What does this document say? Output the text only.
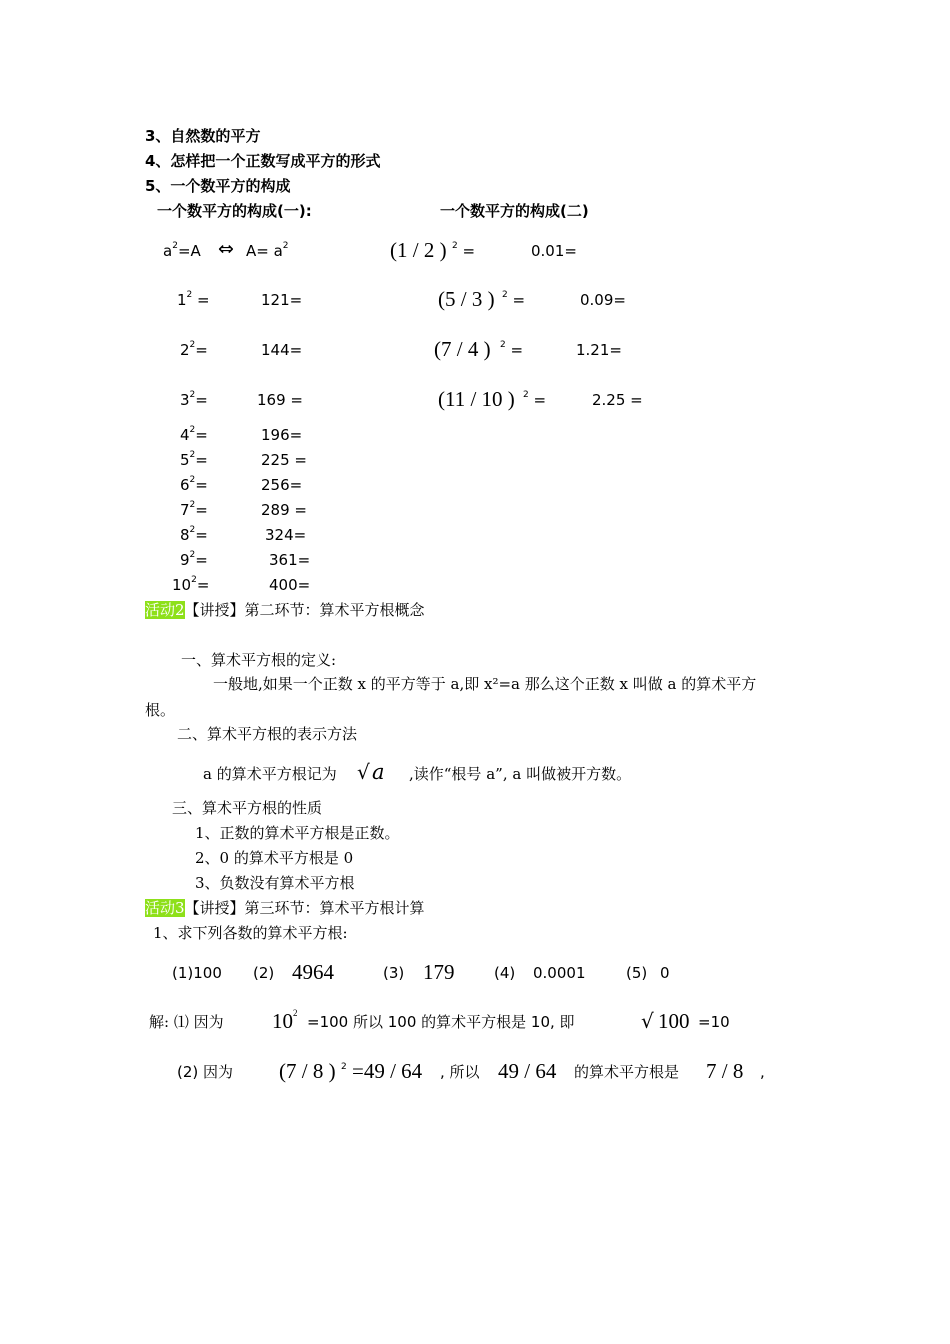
3、自然数的平方
4、怎样把一个正数写成平方的形式
5、一个数平方的构成
一个数平方的构成(一):	一个数平方的构成(二)
$a^2=A$ ⇔ $A= a^2$
$1^2$ =	121=
$2^2=$	144=
$3^2=$	169 =
$4^2=$	196=
$5^2=$	225 =
$6^2=$	256=
$7^2=$	289 =
$8^2=$	324=
$9^2=$	361=
$10^2=$	400=
(1 / 2 ) $^2$ =	0.01=
(5 / 3 ) $^2$ =	0.09=
(7 / 4 ) $^2$ =	1.21=
(11 / 10 ) $^2$ =	2.25 =
活动2【讲授】第二环节：算术平方根概念
一、算术平方根的定义:
一般地,如果一个正数 x 的平方等于 a,即 x²=a 那么这个正数 x 叫做 a 的算术平方
根。
二、算术平方根的表示方法
a 的算术平方根记为 √ a ,读作“根号 a”, a 叫做被开方数。
三、算术平方根的性质
1、正数的算术平方根是正数。
2、0 的算术平方根是 0
3、负数没有算术平方根
活动3【讲授】第三环节：算术平方根计算
1、求下列各数的算术平方根:
(1)100 (2) 4964	(3) 179	(4) 0.0001	(5) 0
解: ⑴ 因为 $10^2 =100$ 所以 100 的算术平方根是 10, 即	√ 100 =10
(2) 因为 (7 / 8 ) $^2$ =49 / 64 , 所以 49 / 64 的算术平方根是 7 / 8 ,
